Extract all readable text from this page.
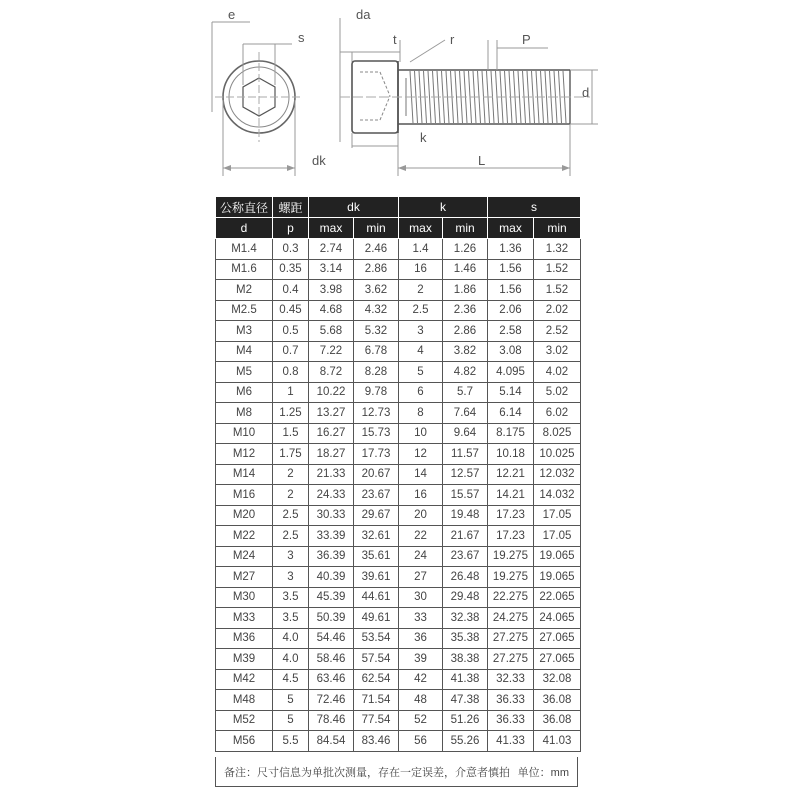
e
s
dk
da
t	r	P
d
k
L
公称直径	螺距	dk		k		s	
d	p	max	min	max	min	max	min
M1.4	0.3	2.74	2.46	1.4	1.26	1.36	1.32
M1.6	0.35	3.14	2.86	16	1.46	1.56	1.52
M2	0.4	3.98	3.62	2	1.86	1.56	1.52
M2.5	0.45	4.68	4.32	2.5	2.36	2.06	2.02
M3	0.5	5.68	5.32	3	2.86	2.58	2.52
M4	0.7	7.22	6.78	4	3.82	3.08	3.02
M5	0.8	8.72	8.28	5	4.82	4.095	4.02
M6	1	10.22	9.78	6	5.7	5.14	5.02
M8	1.25	13.27	12.73	8	7.64	6.14	6.02
M10	1.5	16.27	15.73	10	9.64	8.175	8.025
M12	1.75	18.27	17.73	12	11.57	10.18	10.025
M14	2	21.33	20.67	14	12.57	12.21	12.032
M16	2	24.33	23.67	16	15.57	14.21	14.032
M20	2.5	30.33	29.67	20	19.48	17.23	17.05
M22	2.5	33.39	32.61	22	21.67	17.23	17.05
M24	3	36.39	35.61	24	23.67	19.275	19.065
M27	3	40.39	39.61	27	26.48	19.275	19.065
M30	3.5	45.39	44.61	30	29.48	22.275	22.065
M33	3.5	50.39	49.61	33	32.38	24.275	24.065
M36	4.0	54.46	53.54	36	35.38	27.275	27.065
M39	4.0	58.46	57.54	39	38.38	27.275	27.065
M42	4.5	63.46	62.54	42	41.38	32.33	32.08
M48	5	72.46	71.54	48	47.38	36.33	36.08
M52	5	78.46	77.54	52	51.26	36.33	36.08
M56	5.5	84.54	83.46	56	55.26	41.33	41.03
备注：尺寸信息为单批次测量，存在一定误差，介意者慎拍 单位：mm
